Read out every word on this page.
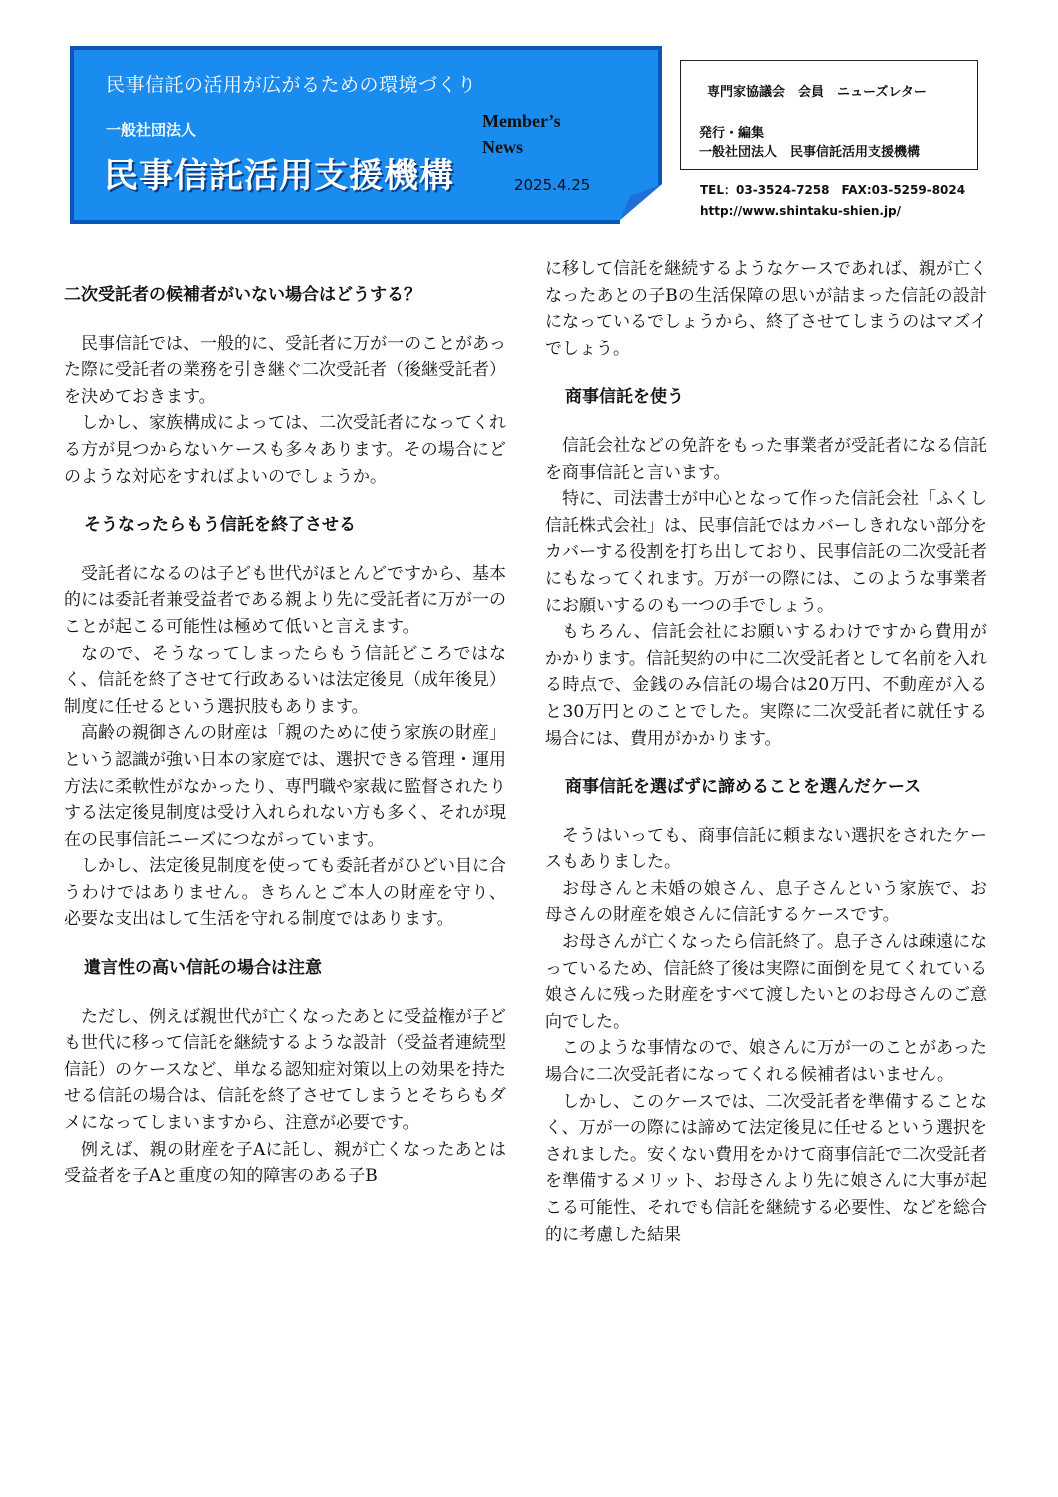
民事信託の活用が広がるための環境づくり
一般社団法人
民事信託活用支援機構
Member’s
News
2025.4.25
専門家協議会　会員　ニューズレター
発行・編集
一般社団法人　民事信託活用支援機構
TEL：03-3524-7258　FAX:03-5259-8024
http://www.shintaku-shien.jp/
二次受託者の候補者がいない場合はどうする？

民事信託では、一般的に、受託者に万が一のことがあった際に受託者の業務を引き継ぐ二次受託者（後継受託者）を決めておきます。

しかし、家族構成によっては、二次受託者になってくれる方が見つからないケースも多々あります。その場合にどのような対応をすればよいのでしょうか。

そうなったらもう信託を終了させる

受託者になるのは子ども世代がほとんどですから、基本的には委託者兼受益者である親より先に受託者に万が一のことが起こる可能性は極めて低いと言えます。

なので、そうなってしまったらもう信託どころではなく、信託を終了させて行政あるいは法定後見（成年後見）制度に任せるという選択肢もあります。

高齢の親御さんの財産は「親のために使う家族の財産」という認識が強い日本の家庭では、選択できる管理・運用方法に柔軟性がなかったり、専門職や家裁に監督されたりする法定後見制度は受け入れられない方も多く、それが現在の民事信託ニーズにつながっています。

しかし、法定後見制度を使っても委託者がひどい目に合うわけではありません。きちんとご本人の財産を守り、必要な支出はして生活を守れる制度ではあります。

遺言性の高い信託の場合は注意

ただし、例えば親世代が亡くなったあとに受益権が子ども世代に移って信託を継続するような設計（受益者連続型信託）のケースなど、単なる認知症対策以上の効果を持たせる信託の場合は、信託を終了させてしまうとそちらもダメになってしまいますから、注意が必要です。

例えば、親の財産を子Aに託し、親が亡くなったあとは受益者を子Aと重度の知的障害のある子B

に移して信託を継続するようなケースであれば、親が亡くなったあとの子Bの生活保障の思いが詰まった信託の設計になっているでしょうから、終了させてしまうのはマズイでしょう。

商事信託を使う

信託会社などの免許をもった事業者が受託者になる信託を商事信託と言います。

特に、司法書士が中心となって作った信託会社「ふくし信託株式会社」は、民事信託ではカバーしきれない部分をカバーする役割を打ち出しており、民事信託の二次受託者にもなってくれます。万が一の際には、このような事業者にお願いするのも一つの手でしょう。

もちろん、信託会社にお願いするわけですから費用がかかります。信託契約の中に二次受託者として名前を入れる時点で、金銭のみ信託の場合は20万円、不動産が入ると30万円とのことでした。実際に二次受託者に就任する場合には、費用がかかります。

商事信託を選ばずに諦めることを選んだケース

そうはいっても、商事信託に頼まない選択をされたケースもありました。

お母さんと未婚の娘さん、息子さんという家族で、お母さんの財産を娘さんに信託するケースです。

お母さんが亡くなったら信託終了。息子さんは疎遠になっているため、信託終了後は実際に面倒を見てくれている娘さんに残った財産をすべて渡したいとのお母さんのご意向でした。

このような事情なので、娘さんに万が一のことがあった場合に二次受託者になってくれる候補者はいません。

しかし、このケースでは、二次受託者を準備することなく、万が一の際には諦めて法定後見に任せるという選択をされました。安くない費用をかけて商事信託で二次受託者を準備するメリット、お母さんより先に娘さんに大事が起こる可能性、それでも信託を継続する必要性、などを総合的に考慮した結果
